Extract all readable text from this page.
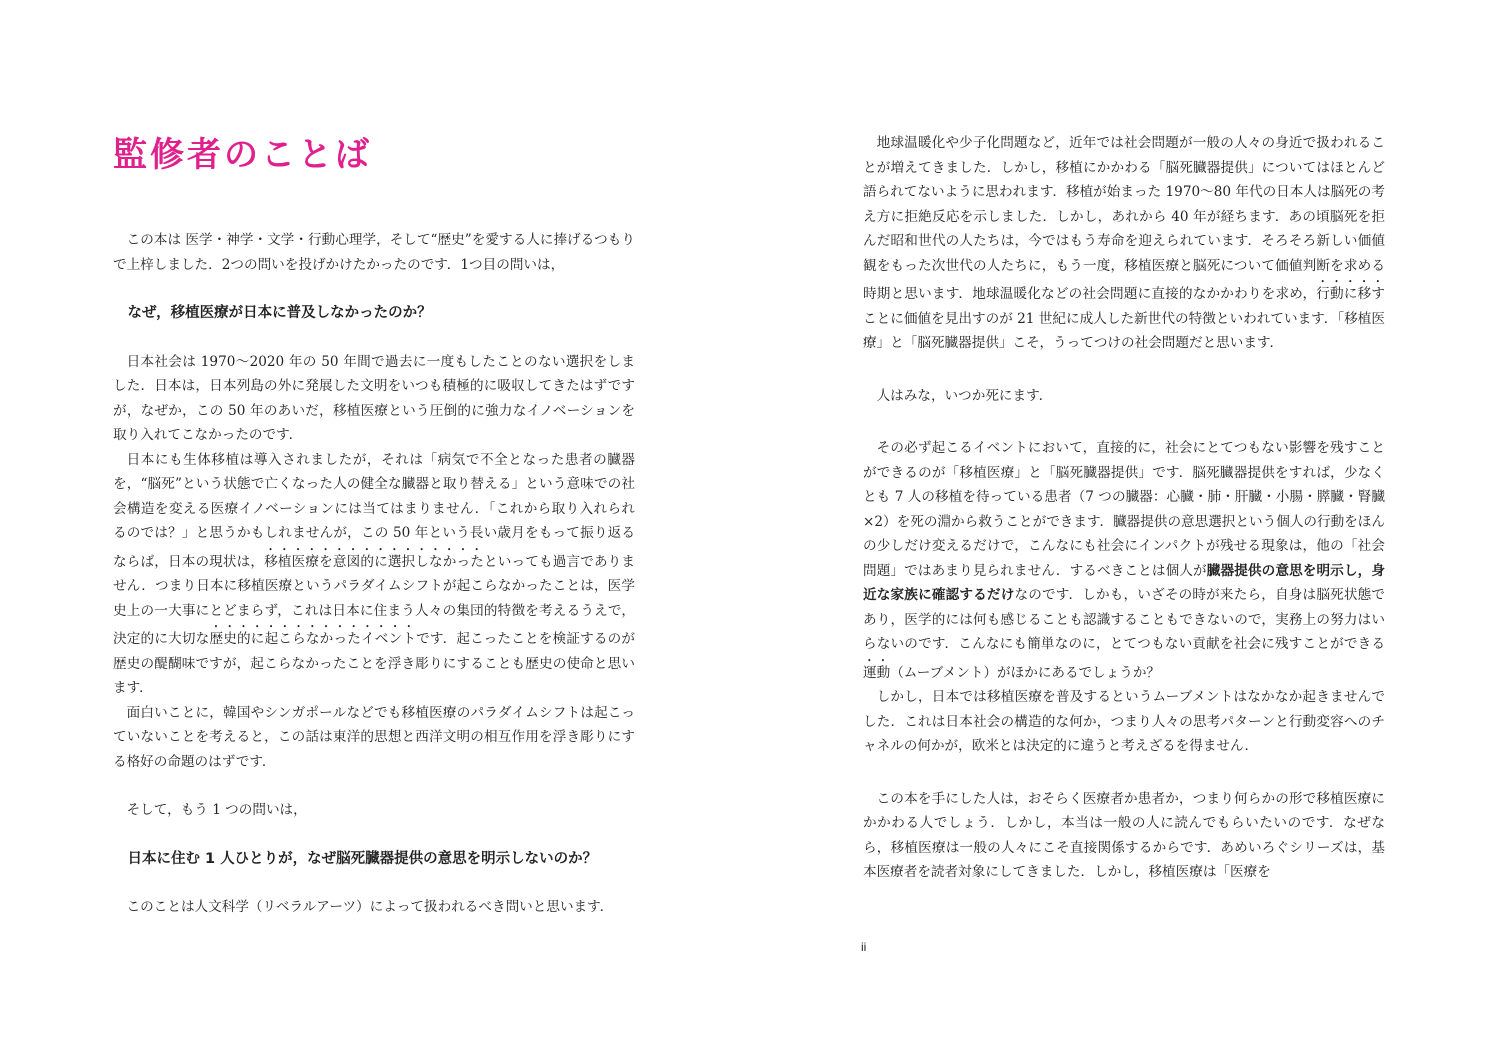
監修者のことば

この本は 医学・神学・文学・行動心理学，そして“歴史”を愛する人に捧げるつもりで上梓しました．2つの問いを投げかけたかったのです．1つ目の問いは，

なぜ，移植医療が日本に普及しなかったのか？

日本社会は 1970〜2020 年の 50 年間で過去に一度もしたことのない選択をしました．日本は，日本列島の外に発展した文明をいつも積極的に吸収してきたはずですが，なぜか，この 50 年のあいだ，移植医療という圧倒的に強力なイノベーションを取り入れてこなかったのです．

日本にも生体移植は導入されましたが，それは「病気で不全となった患者の臓器を，“脳死”という状態で亡くなった人の健全な臓器と取り替える」という意味での社会構造を変える医療イノベーションには当てはまりません．「これから取り入れられるのでは？」と思うかもしれませんが，この 50 年という長い歳月をもって振り返るならば，日本の現状は，移植医療を意図的に選択しなかったといっても過言でありません．つまり日本に移植医療というパラダイムシフトが起こらなかったことは，医学史上の一大事にとどまらず，これは日本に住まう人々の集団的特徴を考えるうえで，決定的に大切な歴史的に起こらなかったイベントです．起こったことを検証するのが歴史の醍醐味ですが，起こらなかったことを浮き彫りにすることも歴史の使命と思います．

面白いことに，韓国やシンガポールなどでも移植医療のパラダイムシフトは起こっていないことを考えると，この話は東洋的思想と西洋文明の相互作用を浮き彫りにする格好の命題のはずです．

そして，もう 1 つの問いは，

日本に住む 1 人ひとりが，なぜ脳死臓器提供の意思を明示しないのか？

このことは人文科学（リベラルアーツ）によって扱われるべき問いと思います．

地球温暖化や少子化問題など，近年では社会問題が一般の人々の身近で扱われることが増えてきました．しかし，移植にかかわる「脳死臓器提供」についてはほとんど語られてないように思われます．移植が始まった 1970〜80 年代の日本人は脳死の考え方に拒絶反応を示しました．しかし，あれから 40 年が経ちます．あの頃脳死を拒んだ昭和世代の人たちは，今ではもう寿命を迎えられています．そろそろ新しい価値観をもった次世代の人たちに，もう一度，移植医療と脳死について価値判断を求める時期と思います．地球温暖化などの社会問題に直接的なかかわりを求め，行動に移すことに価値を見出すのが 21 世紀に成人した新世代の特徴といわれています．「移植医療」と「脳死臓器提供」こそ，うってつけの社会問題だと思います．

人はみな，いつか死にます．

その必ず起こるイベントにおいて，直接的に，社会にとてつもない影響を残すことができるのが「移植医療」と「脳死臓器提供」です．脳死臓器提供をすれば，少なくとも 7 人の移植を待っている患者（7 つの臓器：心臓・肺・肝臓・小腸・膵臓・腎臓×2）を死の淵から救うことができます．臓器提供の意思選択という個人の行動をほんの少しだけ変えるだけで，こんなにも社会にインパクトが残せる現象は，他の「社会問題」ではあまり見られません．するべきことは個人が臓器提供の意思を明示し，身近な家族に確認するだけなのです．しかも，いざその時が来たら，自身は脳死状態であり，医学的には何も感じることも認識することもできないので，実務上の努力はいらないのです．こんなにも簡単なのに，とてつもない貢献を社会に残すことができる運動（ムーブメント）がほかにあるでしょうか？

しかし，日本では移植医療を普及するというムーブメントはなかなか起きませんでした．これは日本社会の構造的な何か，つまり人々の思考パターンと行動変容へのチャネルの何かが，欧米とは決定的に違うと考えざるを得ません．

この本を手にした人は，おそらく医療者か患者か，つまり何らかの形で移植医療にかかわる人でしょう．しかし，本当は一般の人に読んでもらいたいのです．なぜなら，移植医療は一般の人々にこそ直接関係するからです．あめいろぐシリーズは，基本医療者を読者対象にしてきました．しかし，移植医療は「医療を

ii
